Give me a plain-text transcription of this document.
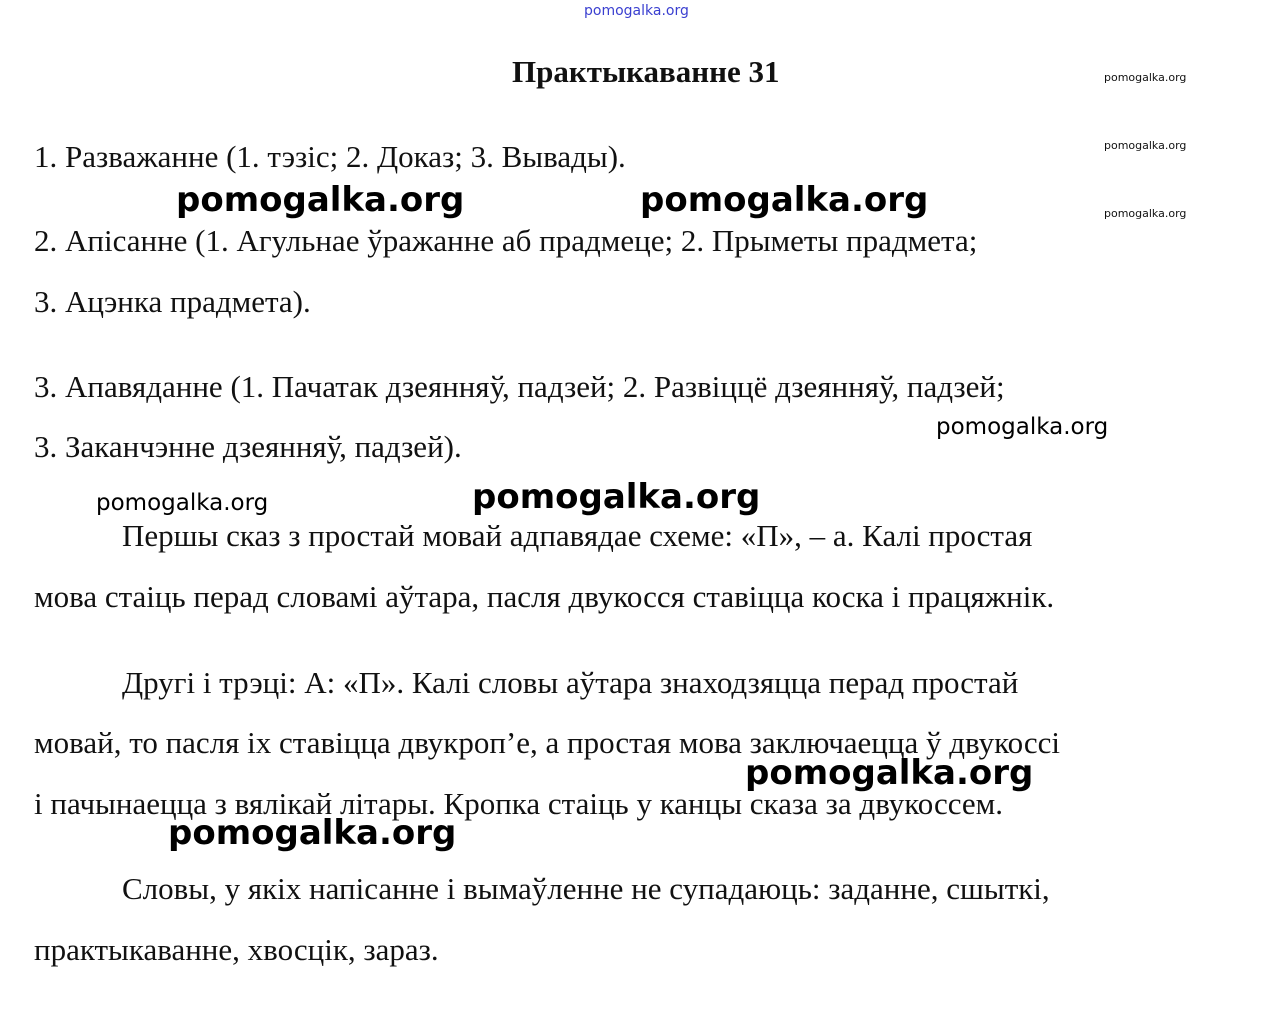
pomogalka.org
Практыкаванне 31	pomogalka.org
pomogalka.org
pomogalka.org
1. Разважанне (1. тэзіс; 2. Доказ; 3. Вывады).
2. Апісанне (1. Агульнае ўражанне аб прадмеце; 2. Прыметы прадмета;
3. Ацэнка прадмета).
3. Апавяданне (1. Пачатак дзеянняў, падзей; 2. Развіццё дзеянняў, падзей;
3. Заканчэнне дзеянняў, падзей).
Першы сказ з простай мовай адпавядае схеме: «П», – а. Калі простая
мова стаіць перад словамі аўтара, пасля двукосся ставіцца коска і працяжнік.
Другі і трэці: А: «П». Калі словы аўтара знаходзяцца перад простай
мовай, то пасля іх ставіцца двукроп’е, а простая мова заключаецца ў двукоссі
і пачынаецца з вялікай літары. Кропка стаіць у канцы сказа за двукоссем.
Словы, у якіх напісанне і вымаўленне не супадаюць: заданне, сшыткі,
практыкаванне, хвосцік, зараз.
pomogalka.org	pomogalka.org
pomogalka.org
pomogalka.org
pomogalka.org
pomogalka.org
pomogalka.org
